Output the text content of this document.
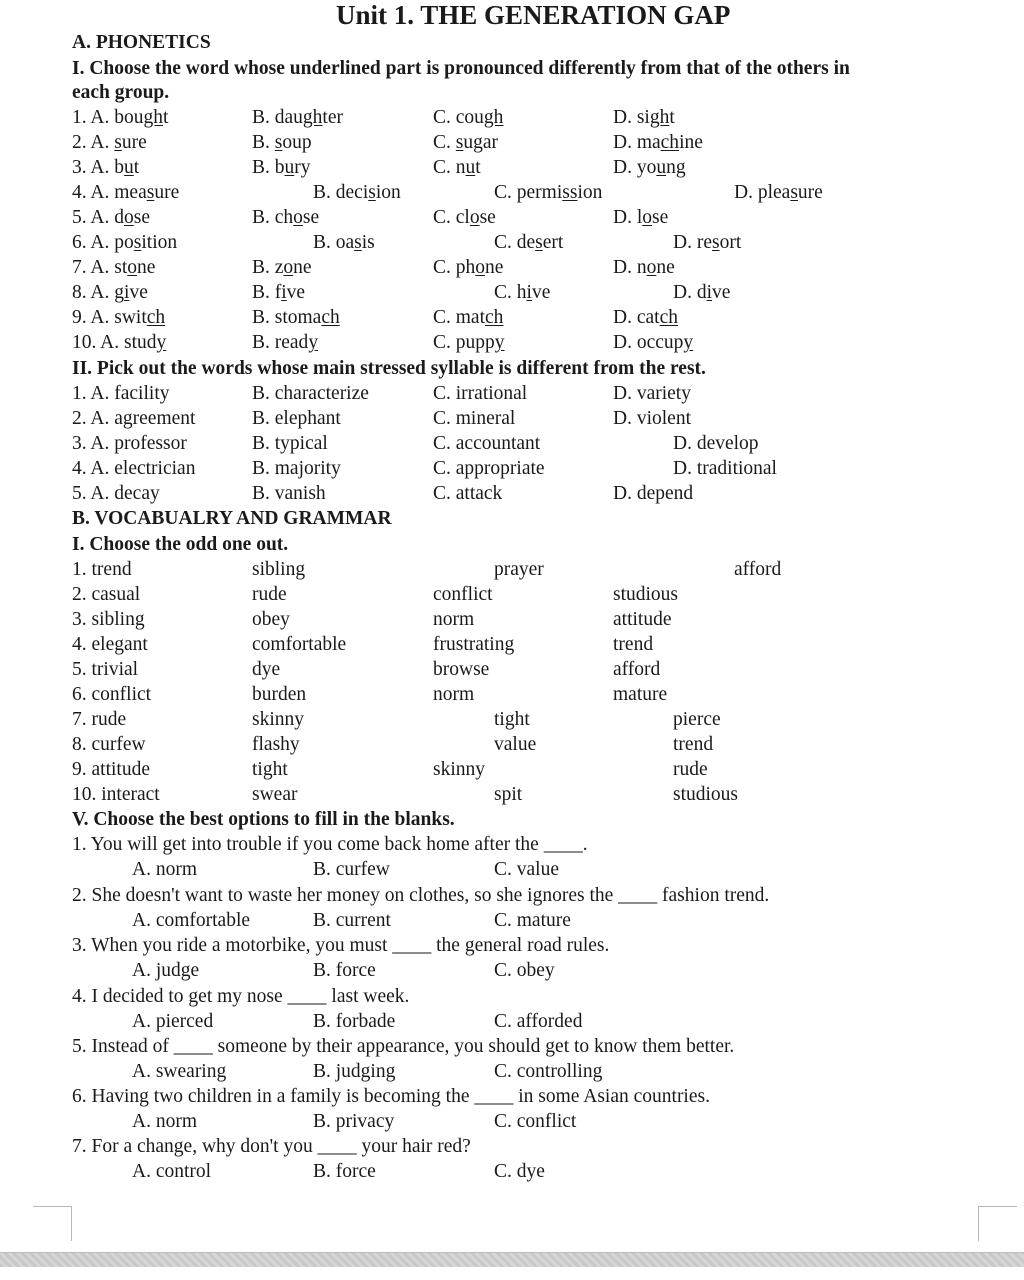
Unit 1. THE GENERATION GAP
A. PHONETICS
I. Choose the word whose underlined part is pronounced differently from that of the others in
each group.
1. A. bought	B. daughter	C. cough	D. sight
2. A. sure	B. soup	C. sugar	D. machine
3. A. but	B. bury	C. nut	D. young
4. A. measure	B. decision	C. permission	D. pleasure
5. A. dose	B. chose	C. close	D. lose
6. A. position	B. oasis	C. desert	D. resort
7. A. stone	B. zone	C. phone	D. none
8. A. give	B. five	C. hive	D. dive
9. A. switch	B. stomach	C. match	D. catch
10. A. study	B. ready	C. puppy	D. occupy
II. Pick out the words whose main stressed syllable is different from the rest.
1. A. facility	B. characterize	C. irrational	D. variety
2. A. agreement	B. elephant	C. mineral	D. violent
3. A. professor	B. typical	C. accountant	D. develop
4. A. electrician	B. majority	C. appropriate	D. traditional
5. A. decay	B. vanish	C. attack	D. depend
B. VOCABUALRY AND GRAMMAR
I. Choose the odd one out.
1. trend	sibling	prayer	afford
2. casual	rude	conflict	studious
3. sibling	obey	norm	attitude
4. elegant	comfortable	frustrating	trend
5. trivial	dye	browse	afford
6. conflict	burden	norm	mature
7. rude	skinny	tight	pierce
8. curfew	flashy	value	trend
9. attitude	tight	skinny	rude
10. interact	swear	spit	studious
V. Choose the best options to fill in the blanks.
1. You will get into trouble if you come back home after the ____.
A. norm	B. curfew	C. value
2. She doesn't want to waste her money on clothes, so she ignores the ____ fashion trend.
A. comfortable	B. current	C. mature
3. When you ride a motorbike, you must ____ the general road rules.
A. judge	B. force	C. obey
4. I decided to get my nose ____ last week.
A. pierced	B. forbade	C. afforded
5. Instead of ____ someone by their appearance, you should get to know them better.
A. swearing	B. judging	C. controlling
6. Having two children in a family is becoming the ____ in some Asian countries.
A. norm	B. privacy	C. conflict
7. For a change, why don't you ____ your hair red?
A. control	B. force	C. dye
